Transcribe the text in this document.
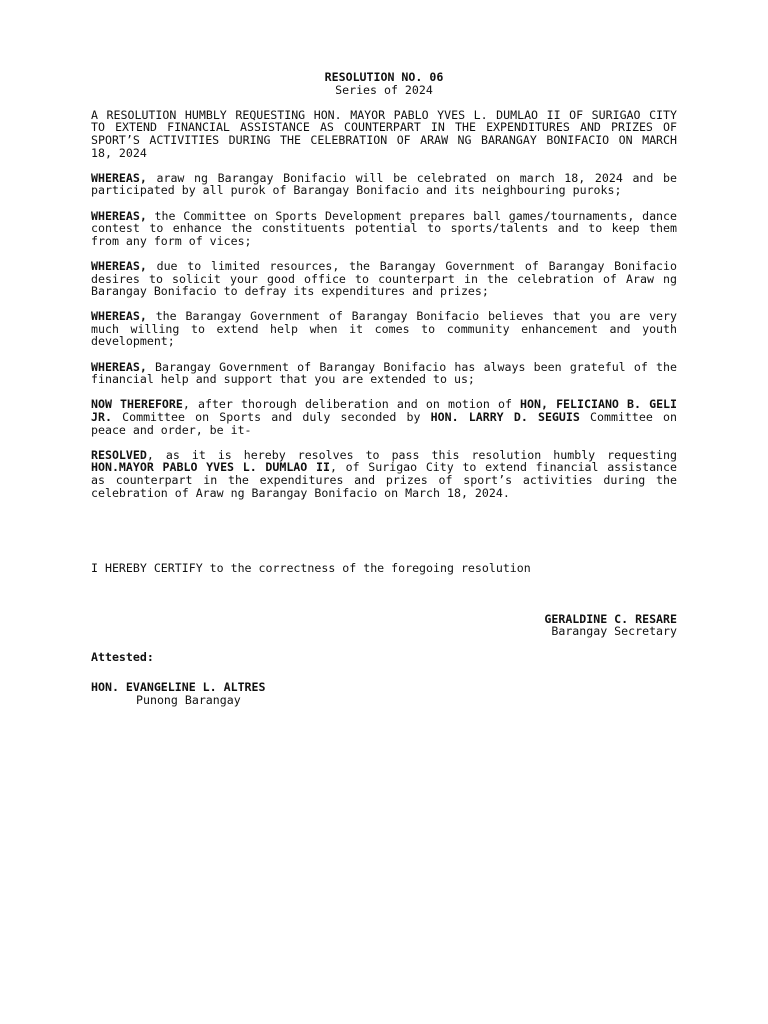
RESOLUTION NO. 06

Series of 2024

A RESOLUTION HUMBLY REQUESTING HON. MAYOR PABLO YVES L. DUMLAO II OF SURIGAO CITY TO EXTEND FINANCIAL ASSISTANCE AS COUNTERPART IN THE EXPENDITURES AND PRIZES OF SPORT’S ACTIVITIES DURING THE CELEBRATION OF ARAW NG BARANGAY BONIFACIO ON MARCH 18, 2024

WHEREAS, araw ng Barangay Bonifacio will be celebrated on march 18, 2024 and be participated by all purok of Barangay Bonifacio and its neighbouring puroks;

WHEREAS, the Committee on Sports Development prepares ball games/tournaments, dance contest to enhance the constituents potential to sports/talents and to keep them from any form of vices;

WHEREAS, due to limited resources, the Barangay Government of Barangay Bonifacio desires to solicit your good office to counterpart in the celebration of Araw ng Barangay Bonifacio to defray its expenditures and prizes;

WHEREAS, the Barangay Government of Barangay Bonifacio believes that you are very much willing to extend help when it comes to community enhancement and youth development;

WHEREAS, Barangay Government of Barangay Bonifacio has always been grateful of the financial help and support that you are extended to us;

NOW THEREFORE, after thorough deliberation and on motion of HON, FELICIANO B. GELI JR. Committee on Sports and duly seconded by HON. LARRY D. SEGUIS Committee on peace and order, be it-

RESOLVED, as it is hereby resolves to pass this resolution humbly requesting HON.MAYOR PABLO YVES L. DUMLAO II, of Surigao City to extend financial assistance as counterpart in the expenditures and prizes of sport’s activities during the celebration of Araw ng Barangay Bonifacio on March 18, 2024.

I HEREBY CERTIFY to the correctness of the foregoing resolution

GERALDINE C. RESARE

Barangay Secretary

Attested:

HON. EVANGELINE L. ALTRES

Punong Barangay
